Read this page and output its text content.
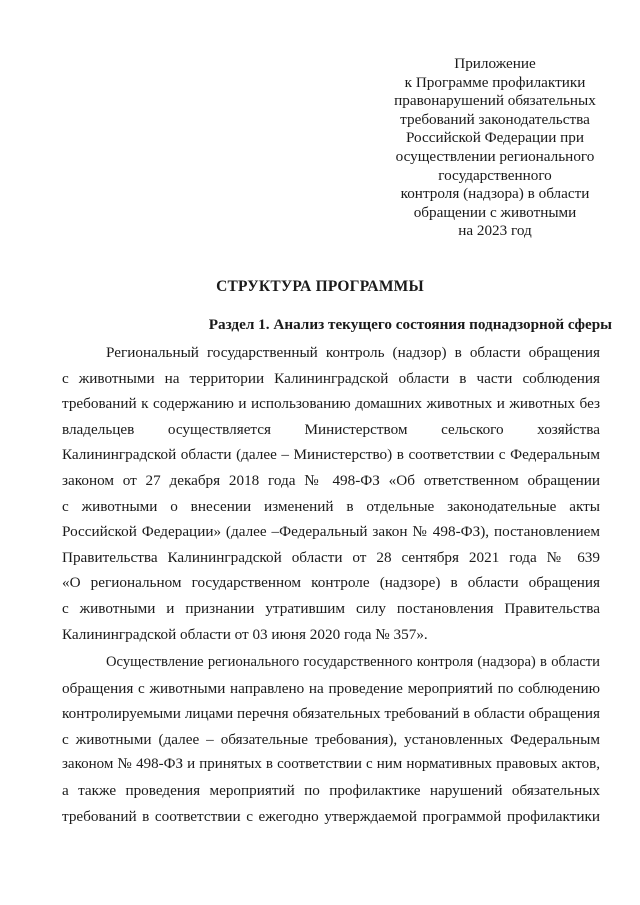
Приложение
к Программе профилактики
правонарушений обязательных
требований законодательства
Российской Федерации при
осуществлении регионального
государственного
контроля (надзора) в области
обращении с животными
на 2023 год
СТРУКТУРА ПРОГРАММЫ
Раздел 1. Анализ текущего состояния поднадзорной сферы
Региональный государственный контроль (надзор) в области обращения
с животными на территории Калининградской области в части соблюдения
требований к содержанию и использованию домашних животных и животных без
владельцев осуществляется Министерством сельского хозяйства
Калининградской области (далее – Министерство) в соответствии с Федеральным
законом от 27 декабря 2018 года № 498-ФЗ «Об ответственном обращении
с животными о внесении изменений в отдельные законодательные акты
Российской Федерации» (далее –Федеральный закон № 498-ФЗ), постановлением
Правительства Калининградской области от 28 сентября 2021 года № 639
«О региональном государственном контроле (надзоре) в области обращения
с животными и признании утратившим силу постановления Правительства
Калининградской области от 03 июня 2020 года № 357».
Осуществление регионального государственного контроля (надзора) в области
обращения с животными направлено на проведение мероприятий по соблюдению
контролируемыми лицами перечня обязательных требований в области обращения
с животными (далее – обязательные требования), установленных Федеральным
законом № 498-ФЗ и принятых в соответствии с ним нормативных правовых актов,
а также проведения мероприятий по профилактике нарушений обязательных
требований в соответствии с ежегодно утверждаемой программой профилактики
